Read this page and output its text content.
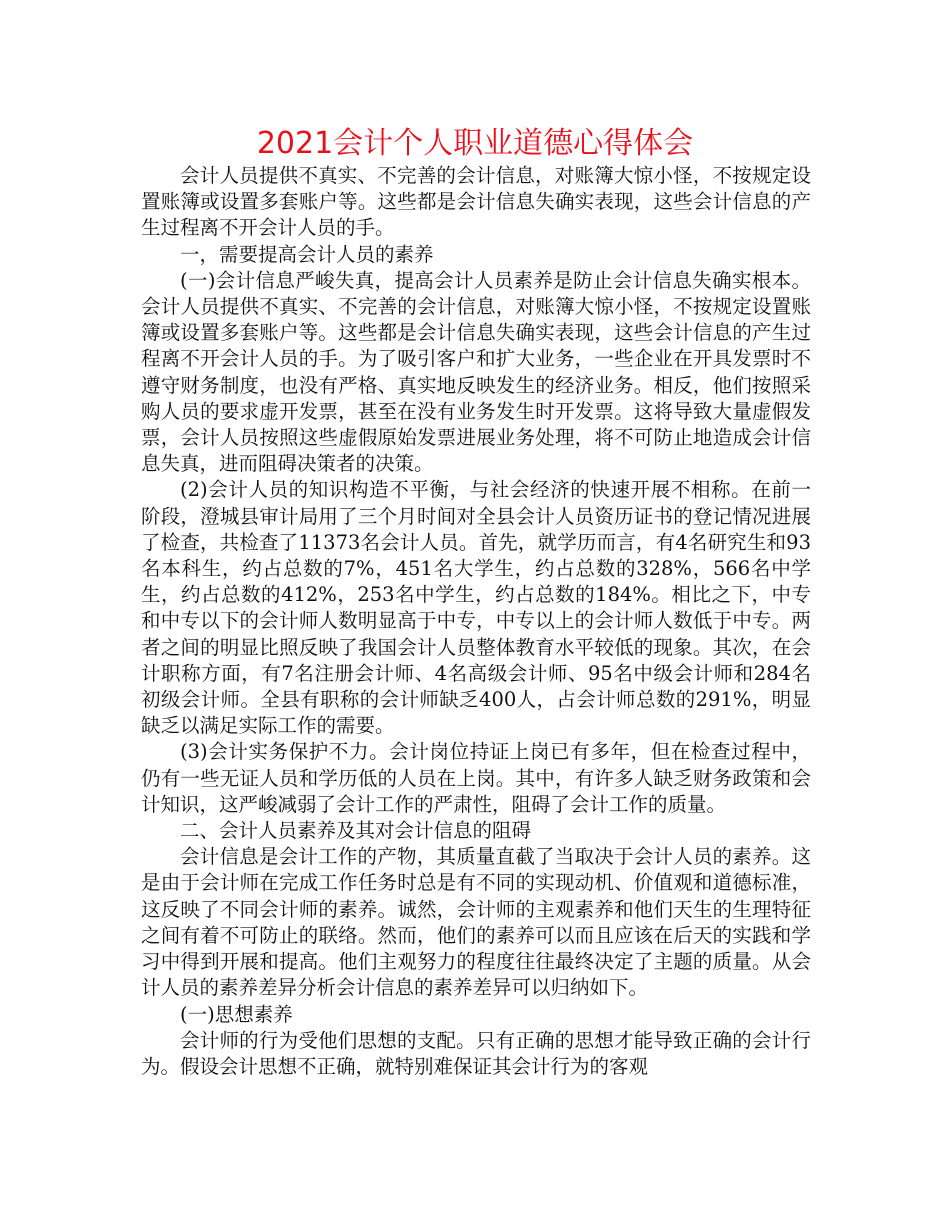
2021会计个人职业道德心得体会

会计人员提供不真实、不完善的会计信息，对账簿大惊小怪，不按规定设置账簿或设置多套账户等。这些都是会计信息失确实表现，这些会计信息的产生过程离不开会计人员的手。

一，需要提高会计人员的素养

(一)会计信息严峻失真，提高会计人员素养是防止会计信息失确实根本。会计人员提供不真实、不完善的会计信息，对账簿大惊小怪，不按规定设置账簿或设置多套账户等。这些都是会计信息失确实表现，这些会计信息的产生过程离不开会计人员的手。为了吸引客户和扩大业务，一些企业在开具发票时不遵守财务制度，也没有严格、真实地反映发生的经济业务。相反，他们按照采购人员的要求虚开发票，甚至在没有业务发生时开发票。这将导致大量虚假发票，会计人员按照这些虚假原始发票进展业务处理，将不可防止地造成会计信息失真，进而阻碍决策者的决策。

(2)会计人员的知识构造不平衡，与社会经济的快速开展不相称。在前一阶段，澄城县审计局用了三个月时间对全县会计人员资历证书的登记情况进展了检查，共检查了11373名会计人员。首先，就学历而言，有4名研究生和93名本科生，约占总数的7%，451名大学生，约占总数的328%，566名中学生，约占总数的412%，253名中学生，约占总数的184%。相比之下，中专和中专以下的会计师人数明显高于中专，中专以上的会计师人数低于中专。两者之间的明显比照反映了我国会计人员整体教育水平较低的现象。其次，在会计职称方面，有7名注册会计师、4名高级会计师、95名中级会计师和284名初级会计师。全县有职称的会计师缺乏400人，占会计师总数的291%，明显缺乏以满足实际工作的需要。

(3)会计实务保护不力。会计岗位持证上岗已有多年，但在检查过程中，仍有一些无证人员和学历低的人员在上岗。其中，有许多人缺乏财务政策和会计知识，这严峻减弱了会计工作的严肃性，阻碍了会计工作的质量。

二、会计人员素养及其对会计信息的阻碍

会计信息是会计工作的产物，其质量直截了当取决于会计人员的素养。这是由于会计师在完成工作任务时总是有不同的实现动机、价值观和道德标准，这反映了不同会计师的素养。诚然，会计师的主观素养和他们天生的生理特征之间有着不可防止的联络。然而，他们的素养可以而且应该在后天的实践和学习中得到开展和提高。他们主观努力的程度往往最终决定了主题的质量。从会计人员的素养差异分析会计信息的素养差异可以归纳如下。

(一)思想素养

会计师的行为受他们思想的支配。只有正确的思想才能导致正确的会计行为。假设会计思想不正确，就特别难保证其会计行为的客观
